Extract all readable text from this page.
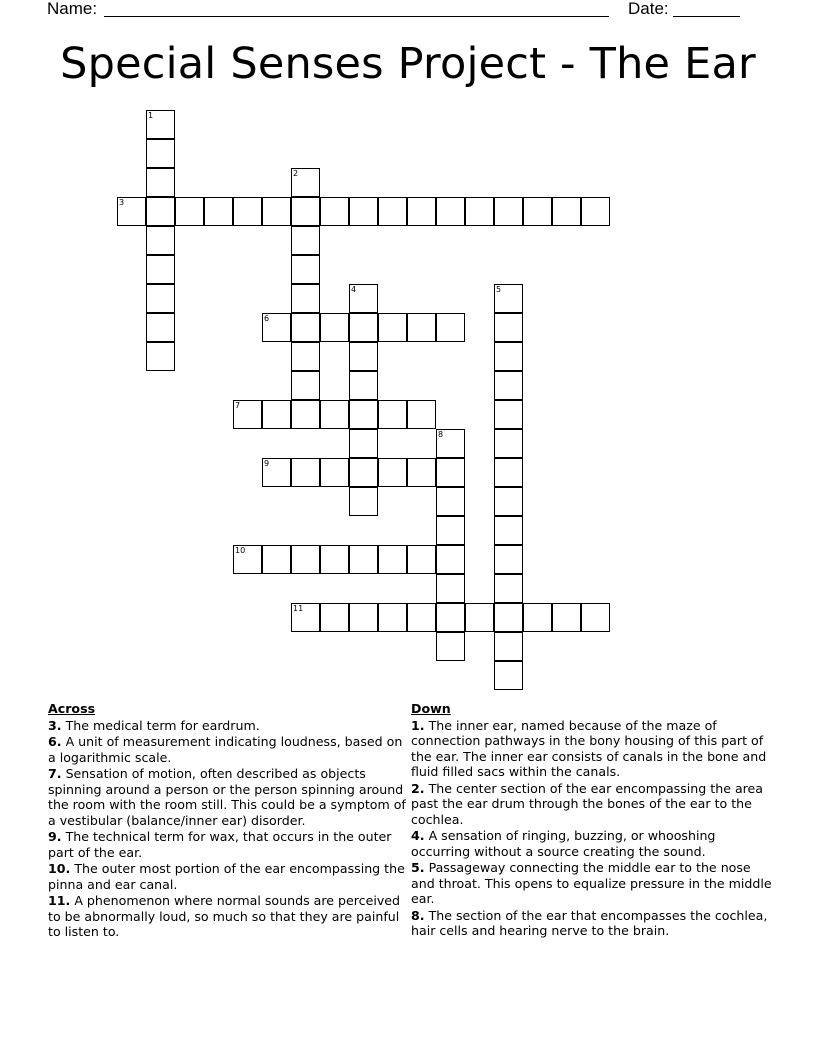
Name:	Date:
Special Senses Project - The Ear
1
2
3
4	5
6
7
8
9
10
11
Across
3. The medical term for eardrum.
6. A unit of measurement indicating loudness, based on a logarithmic scale.
7. Sensation of motion, often described as objects spinning around a person or the person spinning around the room with the room still. This could be a symptom of a vestibular (balance/inner ear) disorder.
9. The technical term for wax, that occurs in the outer part of the ear.
10. The outer most portion of the ear encompassing the pinna and ear canal.
11. A phenomenon where normal sounds are perceived to be abnormally loud, so much so that they are painful to listen to.
Down
1. The inner ear, named because of the maze of connection pathways in the bony housing of this part of the ear. The inner ear consists of canals in the bone and fluid filled sacs within the canals.
2. The center section of the ear encompassing the area past the ear drum through the bones of the ear to the cochlea.
4. A sensation of ringing, buzzing, or whooshing occurring without a source creating the sound.
5. Passageway connecting the middle ear to the nose and throat. This opens to equalize pressure in the middle ear.
8. The section of the ear that encompasses the cochlea, hair cells and hearing nerve to the brain.
